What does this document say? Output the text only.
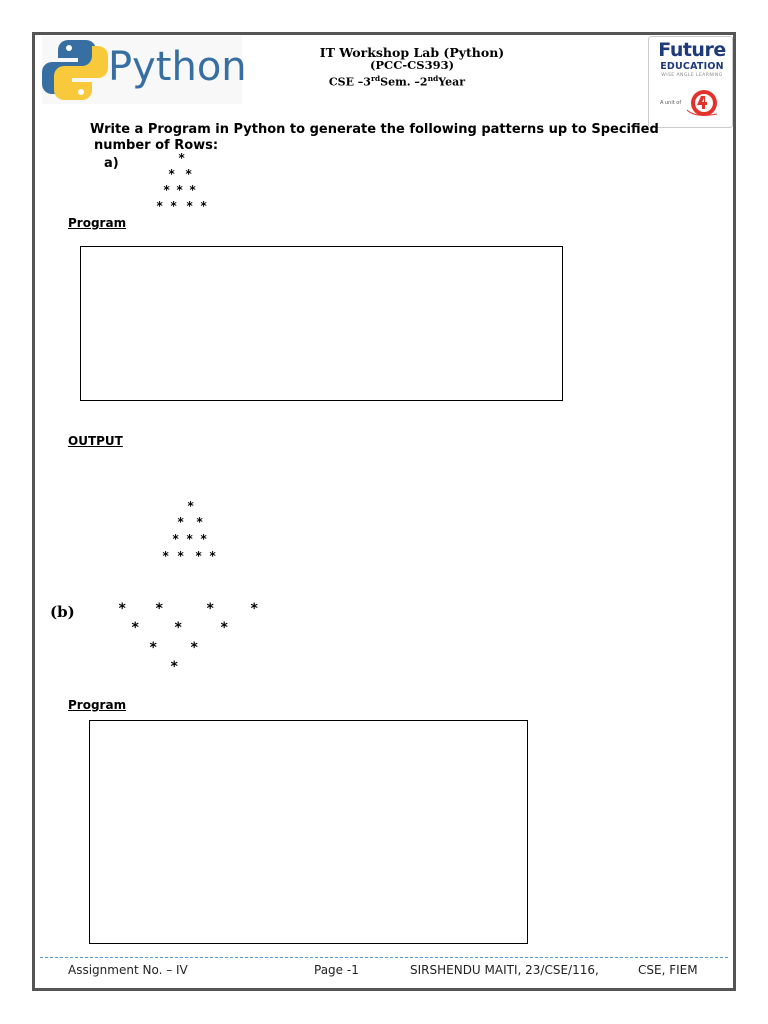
Python	IT Workshop Lab (Python)
(PCC-CS393)
CSE –3rdSem. –2ndYear
Future
EDUCATION
WISE ANGLE LEARNING
A unit of
Write a Program in Python to generate the following patterns up to Specified
number of Rows:
a)	*
* *
* * *
* * * *
Program
OUTPUT
*
* *
* * *
* * * *
(b)	* *	*	*
* *	*
* *
*
Program
Assignment No. – IV	Page -1	SIRSHENDU MAITI, 23/CSE/116,	CSE, FIEM
